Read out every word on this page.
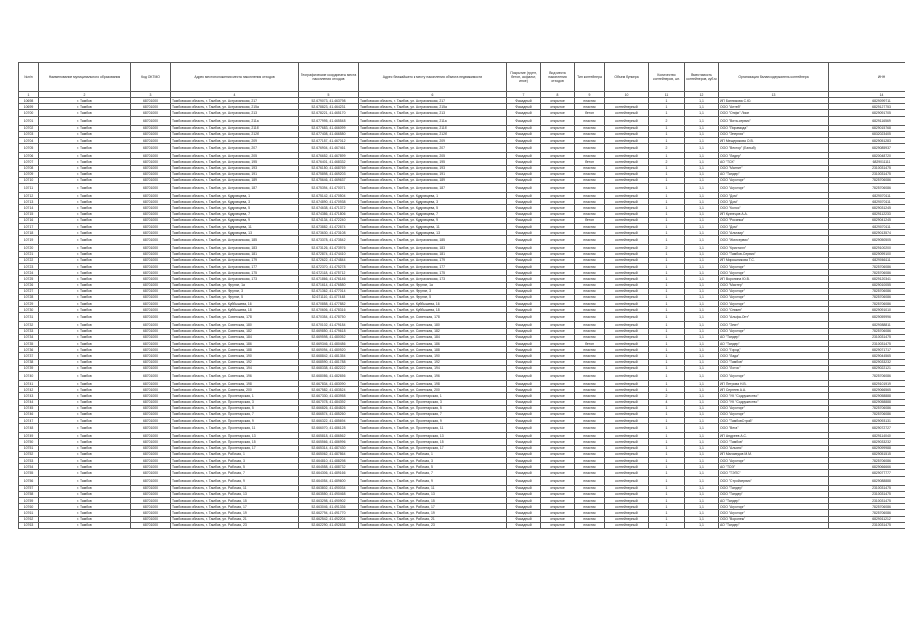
№п/п	Наименование муниципального образования	Код ОКТМО	Адрес местоположения места накопления отходов	Географические координаты места накопления отходов	Адрес ближайшего к месту накопления объекта недвижимости	Покрытие (грунт, бетон, асфальт, иное)	Вид места накопления отходов	Тип контейнера	Объем бункера	Количество контейнеров, шт.	Вместимость контейнеров, куб.м	Организация балансодержатель контейнера	ИНН
1	2	3	4	5	6	7	8	9	10	11	12	13	14
10698	г. Тамбов	68701000	Тамбовская область, г. Тамбов, ул. Астраханская, 217	52.679073, 41.463798	Тамбовская область, г. Тамбов, ул. Астраханская, 217	Фасадный	открытое	пластик		1	1,1	ИП Банникова С.Ю.	6829099711
10699	г. Тамбов	68701000	Тамбовская область, г. Тамбов, ул. Астраханская, 215а	52.678823, 41.464231	Тамбовская область, г. Тамбов, ул. Астраханская, 215а	Фасадный	открытое	пластик	контейнерный	1	1,1	ООО "Антей"	6829127753
10700	г. Тамбов	68701000	Тамбовская область, г. Тамбов, ул. Астраханская, 213	52.678221, 41.465170	Тамбовская область, г. Тамбов, ул. Астраханская, 213	Фасадный	открытое	бетон	контейнерный	1	1,1	ООО "Онфи" Лион	6829091705
10701	г. Тамбов	68701000	Тамбовская область, г. Тамбов, ул. Астраханская, 211а	52.677995, 41.465548	Тамбовская область, г. Тамбов, ул. Астраханская, 211а	Фасадный	открытое	пластик	контейнерный	2	1,1	ООО "Вита-сервис"	6829116569
10702	г. Тамбов	68701000	Тамбовская область, г. Тамбов, ул. Астраханская, 211б	52.677683, 41.466099	Тамбовская область, г. Тамбов, ул. Астраханская, 211б	Фасадный	открытое	пластик	контейнерный	1	1,1	ООО "Пирамида"	6829015768
10703	г. Тамбов	68701000	Тамбовская область, г. Тамбов, ул. Астраханская, 212б	52.677408, 41.466580	Тамбовская область, г. Тамбов, ул. Астраханская, 212б	Фасадный	открытое	пластик	контейнерный	1	1,1	ООО "Энергия"	6832023405
10704	г. Тамбов	68701000	Тамбовская область, г. Тамбов, ул. Астраханская, 209	52.677157, 41.467012	Тамбовская область, г. Тамбов, ул. Астраханская, 209	Фасадный	открытое	пластик	контейнерный	1	1,1	ИП Мещерякова О.В.	6829051283
10705	г. Тамбов	68701000	Тамбовская область, г. Тамбов, ул. Астраханская, 207	52.676904, 41.467461	Тамбовская область, г. Тамбов, ул. Астраханская, 207	Фасадный	открытое	пластик	контейнерный	2	1,1	ООО "Вектор" (Бэлый)	6829085937
10706	г. Тамбов	68701000	Тамбовская область, г. Тамбов, ул. Астраханская, 205	52.676652, 41.467899	Тамбовская область, г. Тамбов, ул. Астраханская, 205	Фасадный	открытое	пластик	контейнерный	1	1,1	ООО "Лидер"	6820048720
10707	г. Тамбов	68701000	Тамбовская область, г. Тамбов, ул. Астраханская, 195	52.676401, 41.468332	Тамбовская область, г. Тамбов, ул. Астраханская, 195	Фасадный	открытое	бетон	контейнерный	2	1,1	АО "ТСК"	6829011111
10708	г. Тамбов	68701000	Тамбовская область, г. Тамбов, ул. Астраханская, 193	52.676150, 41.468769	Тамбовская область, г. Тамбов, ул. Астраханская, 193	Фасадный	открытое	пластик	контейнерный	1	1,1	ООО "Магнит"	2310031475
10709	г. Тамбов	68701000	Тамбовская область, г. Тамбов, ул. Астраханская, 191	52.675898, 41.469203	Тамбовская область, г. Тамбов, ул. Астраханская, 191	Фасадный	открытое	пластик	контейнерный	1	1,1	АО "Тандер"	2310031475
10710	г. Тамбов	68701000	Тамбовская область, г. Тамбов, ул. Астраханская, 189	52.675646, 41.469637	Тамбовская область, г. Тамбов, ул. Астраханская, 189	Фасадный	открытое	пластик	контейнерный	1	1,1	ООО "Агроторг"	7825706086
10711	г. Тамбов	68701000	Тамбовская область, г. Тамбов, ул. Астраханская, 187	52.675394, 41.470071	Тамбовская область, г. Тамбов, ул. Астраханская, 187	Фасадный	открытое	пластик	контейнерный	1	1,1	ООО "Агроторг"	7825706086
10712	г. Тамбов	68701000	Тамбовская область, г. Тамбов, ул. Кудрявцева, 1	52.675142, 41.470504	Тамбовская область, г. Тамбов, ул. Кудрявцева, 1	Фасадный	открытое	пластик	контейнерный	1	1,1	ООО "Дом"	6829070111
10713	г. Тамбов	68701000	Тамбовская область, г. Тамбов, ул. Кудрявцева, 3	52.674890, 41.470938	Тамбовская область, г. Тамбов, ул. Кудрявцева, 3	Фасадный	открытое	пластик	контейнерный	1	1,1	ООО "Дом"	6829070111
10714	г. Тамбов	68701000	Тамбовская область, г. Тамбов, ул. Кудрявцева, 5	52.674638, 41.471372	Тамбовская область, г. Тамбов, ул. Кудрявцева, 5	Фасадный	открытое	пластик	контейнерный	1	1,1	ООО "Колос"	6829031245
10715	г. Тамбов	68701000	Тамбовская область, г. Тамбов, ул. Кудрявцева, 7	52.674386, 41.471806	Тамбовская область, г. Тамбов, ул. Кудрявцева, 7	Фасадный	открытое	пластик	контейнерный	1	1,1	ИП Кузнецов А.А.	6829112233
10716	г. Тамбов	68701000	Тамбовская область, г. Тамбов, ул. Кудрявцева, 9	52.674134, 41.472240	Тамбовская область, г. Тамбов, ул. Кудрявцева, 9	Фасадный	открытое	бетон	контейнерный	1	1,1	ООО "Росинка"	6829041245
10717	г. Тамбов	68701000	Тамбовская область, г. Тамбов, ул. Кудрявцева, 11	52.673882, 41.472674	Тамбовская область, г. Тамбов, ул. Кудрявцева, 11	Фасадный	открытое	пластик	контейнерный	1	1,1	ООО "Дом"	6829070111
10718	г. Тамбов	68701000	Тамбовская область, г. Тамбов, ул. Кудрявцева, 13	52.673630, 41.473108	Тамбовская область, г. Тамбов, ул. Кудрявцева, 13	Фасадный	открытое	пластик	контейнерный	1	1,1	ООО "Альтаир"	6829013574
10719	г. Тамбов	68701000	Тамбовская область, г. Тамбов, ул. Астраханская, 185	52.673378, 41.473542	Тамбовская область, г. Тамбов, ул. Астраханская, 185	Фасадный	открытое	пластик	контейнерный	1	1,1	ООО "Жилсервис"	6829050505
10720	г. Тамбов	68701000	Тамбовская область, г. Тамбов, ул. Астраханская, 183	52.673126, 41.473976	Тамбовская область, г. Тамбов, ул. Астраханская, 183	Фасадный	открытое	пластик	контейнерный	2	1,1	ООО "Кристалл"	6829100200
10721	г. Тамбов	68701000	Тамбовская область, г. Тамбов, ул. Астраханская, 181	52.672874, 41.474410	Тамбовская область, г. Тамбов, ул. Астраханская, 181	Фасадный	открытое	пластик	контейнерный	1	1,1	ООО "Тамбов-Сервис"	6829099100
10722	г. Тамбов	68701000	Тамбовская область, г. Тамбов, ул. Астраханская, 179	52.672622, 41.474844	Тамбовская область, г. Тамбов, ул. Астраханская, 179	Фасадный	открытое	пластик	контейнерный	1	1,1	ИП Мирошникова Т.С.	6829066111
10723	г. Тамбов	68701000	Тамбовская область, г. Тамбов, ул. Астраханская, 177	52.672370, 41.475278	Тамбовская область, г. Тамбов, ул. Астраханская, 177	Фасадный	открытое	пластик	контейнерный	1	1,1	ООО "Агроторг"	7825706086
10724	г. Тамбов	68701000	Тамбовская область, г. Тамбов, ул. Астраханская, 175	52.672118, 41.475712	Тамбовская область, г. Тамбов, ул. Астраханская, 175	Фасадный	открытое	пластик	контейнерный	1	1,1	ООО "Агроторг"	7825706086
10725	г. Тамбов	68701000	Тамбовская область, г. Тамбов, ул. Астраханская, 173	52.671866, 41.476146	Тамбовская область, г. Тамбов, ул. Астраханская, 173	Фасадный	открытое	пластик	контейнерный	1	1,1	ИП Воронина Ю.В.	6829120341
10726	г. Тамбов	68701000	Тамбовская область, г. Тамбов, ул. Фрунзе, 1а	52.671614, 41.476580	Тамбовская область, г. Тамбов, ул. Фрунзе, 1а	Фасадный	открытое	пластик	контейнерный	1	1,1	ООО "Мастер"	6829010055
10727	г. Тамбов	68701000	Тамбовская область, г. Тамбов, ул. Фрунзе, 3	52.671362, 41.477014	Тамбовская область, г. Тамбов, ул. Фрунзе, 3	Фасадный	открытое	пластик	контейнерный	1	1,1	ООО "Агроторг"	7825706086
10728	г. Тамбов	68701000	Тамбовская область, г. Тамбов, ул. Фрунзе, 5	52.671110, 41.477448	Тамбовская область, г. Тамбов, ул. Фрунзе, 5	Фасадный	открытое	пластик	контейнерный	1	1,1	ООО "Агроторг"	7825706086
10729	г. Тамбов	68701000	Тамбовская область, г. Тамбов, ул. Куйбышева, 16	52.670858, 41.477882	Тамбовская область, г. Тамбов, ул. Куйбышева, 16	Фасадный	открытое	пластик	контейнерный	1	1,1	ООО "Агроторг"	7825706086
10730	г. Тамбов	68701000	Тамбовская область, г. Тамбов, ул. Куйбышева, 18	52.670606, 41.478316	Тамбовская область, г. Тамбов, ул. Куйбышева, 18	Фасадный	открытое	пластик	контейнерный	1	1,1	ООО "Олимп"	6829091010
10731	г. Тамбов	68701000	Тамбовская область, г. Тамбов, ул. Советская, 178	52.670354, 41.478750	Тамбовская область, г. Тамбов, ул. Советская, 178	Фасадный	открытое	пластик	контейнерный	1	1,1	ООО "Альфа-Опт"	6829059996
10732	г. Тамбов	68701000	Тамбовская область, г. Тамбов, ул. Советская, 180	52.670102, 41.479184	Тамбовская область, г. Тамбов, ул. Советская, 180	Фасадный	открытое	пластик	контейнерный	1	1,1	ООО "Элит"	6829088811
10733	г. Тамбов	68701000	Тамбовская область, г. Тамбов, ул. Советская, 182	52.669850, 41.479618	Тамбовская область, г. Тамбов, ул. Советская, 182	Фасадный	открытое	пластик	контейнерный	1	1,1	ООО "Агроторг"	7825706086
10734	г. Тамбов	68701000	Тамбовская область, г. Тамбов, ул. Советская, 184	52.669598, 41.480052	Тамбовская область, г. Тамбов, ул. Советская, 184	Фасадный	открытое	пластик	контейнерный	1	1,1	АО "Тандер"	2310031475
10735	г. Тамбов	68701000	Тамбовская область, г. Тамбов, ул. Советская, 186	52.669346, 41.480486	Тамбовская область, г. Тамбов, ул. Советская, 186	Фасадный	открытое	бетон	контейнерный	1	1,1	АО "Тандер"	2310031475
10736	г. Тамбов	68701000	Тамбовская область, г. Тамбов, ул. Советская, 188	52.669094, 41.480920	Тамбовская область, г. Тамбов, ул. Советская, 188	Фасадный	открытое	пластик	контейнерный	1	1,1	ООО "Город"	6829071717
10737	г. Тамбов	68701000	Тамбовская область, г. Тамбов, ул. Советская, 190	52.668842, 41.481354	Тамбовская область, г. Тамбов, ул. Советская, 190	Фасадный	открытое	пластик	контейнерный	1	1,1	ООО "Лада"	6829044565
10738	г. Тамбов	68701000	Тамбовская область, г. Тамбов, ул. Советская, 192	52.668590, 41.481788	Тамбовская область, г. Тамбов, ул. Советская, 192	Фасадный	открытое	пластик	контейнерный	1	1,1	ООО "Тамбов"	6829033232
10739	г. Тамбов	68701000	Тамбовская область, г. Тамбов, ул. Советская, 194	52.668338, 41.482222	Тамбовская область, г. Тамбов, ул. Советская, 194	Фасадный	открытое	пластик	контейнерный	1	1,1	ООО "Лотос"	6829022121
10740	г. Тамбов	68701000	Тамбовская область, г. Тамбов, ул. Советская, 196	52.668086, 41.482656	Тамбовская область, г. Тамбов, ул. Советская, 196	Фасадный	открытое	пластик	контейнерный	1	1,1	ООО "Агроторг"	7825706086
10741	г. Тамбов	68701000	Тамбовская область, г. Тамбов, ул. Советская, 198	52.667834, 41.483090	Тамбовская область, г. Тамбов, ул. Советская, 198	Фасадный	открытое	пластик	контейнерный	1	1,1	ИП Петрова Н.В.	6829101919
10742	г. Тамбов	68701000	Тамбовская область, г. Тамбов, ул. Советская, 200	52.667582, 41.483524	Тамбовская область, г. Тамбов, ул. Советская, 200	Фасадный	открытое	пластик	контейнерный	1	1,1	ИП Сергеев А.А.	6829066565
10743	г. Тамбов	68701000	Тамбовская область, г. Тамбов, ул. Пролетарская, 1	52.667330, 41.483958	Тамбовская область, г. Тамбов, ул. Пролетарская, 1	Фасадный	открытое	пластик	контейнерный	2	1,1	ООО "УК "Содружество"	6829058888
10744	г. Тамбов	68701000	Тамбовская область, г. Тамбов, ул. Пролетарская, 3	52.667078, 41.484392	Тамбовская область, г. Тамбов, ул. Пролетарская, 3	Фасадный	открытое	пластик	контейнерный	4	1,1	ООО "УК "Содружество"	6829058888
10745	г. Тамбов	68701000	Тамбовская область, г. Тамбов, ул. Пролетарская, 5	52.666826, 41.484826	Тамбовская область, г. Тамбов, ул. Пролетарская, 5	Фасадный	открытое	пластик	контейнерный	1	1,1	ООО "Агроторг"	7825706086
10746	г. Тамбов	68701000	Тамбовская область, г. Тамбов, ул. Пролетарская, 7	52.666574, 41.485260	Тамбовская область, г. Тамбов, ул. Пролетарская, 7	Фасадный	открытое	пластик	контейнерный	1	1,1	ООО "Агроторг"	7825706086
10747	г. Тамбов	68701000	Тамбовская область, г. Тамбов, ул. Пролетарская, 9	52.666322, 41.485694	Тамбовская область, г. Тамбов, ул. Пролетарская, 9	Фасадный	открытое	пластик	контейнерный	1	1,1	ООО "ТамбовСтрой"	6829093131
10748	г. Тамбов	68701000	Тамбовская область, г. Тамбов, ул. Пролетарская, 11	52.666070, 41.486128	Тамбовская область, г. Тамбов, ул. Пролетарская, 11	Фасадный	открытое	пластик	контейнерный	1	1,1	ООО "Вега"	6829072727
10749	г. Тамбов	68701000	Тамбовская область, г. Тамбов, ул. Пролетарская, 13	52.665818, 41.486562	Тамбовская область, г. Тамбов, ул. Пролетарская, 13	Фасадный	открытое	пластик	контейнерный	1	1,1	ИП Андреев А.С.	6829114040
10750	г. Тамбов	68701000	Тамбовская область, г. Тамбов, ул. Пролетарская, 15	52.665566, 41.486996	Тамбовская область, г. Тамбов, ул. Пролетарская, 15	Фасадный	открытое	пластик	контейнерный	1	1,1	ООО "Тамбов"	6829033232
10751	г. Тамбов	68701000	Тамбовская область, г. Тамбов, ул. Пролетарская, 17	52.665314, 41.487430	Тамбовская область, г. Тамбов, ул. Пролетарская, 17	Фасадный	открытое	пластик	контейнерный	1	1,1	ООО "Альянс"	6829099988
10752	г. Тамбов	68701000	Тамбовская область, г. Тамбов, ул. Рабочая, 1	52.665062, 41.487864	Тамбовская область, г. Тамбов, ул. Рабочая, 1	Фасадный	открытое	пластик	контейнерный	1	1,1	ИП Магомедов М.М.	6829051515
10753	г. Тамбов	68701000	Тамбовская область, г. Тамбов, ул. Рабочая, 3	52.664810, 41.488298	Тамбовская область, г. Тамбов, ул. Рабочая, 3	Фасадный	открытое	пластик	контейнерный	1	1,1	ООО "Агроторг"	7825706086
10754	г. Тамбов	68701000	Тамбовская область, г. Тамбов, ул. Рабочая, 5	52.664558, 41.488732	Тамбовская область, г. Тамбов, ул. Рабочая, 5	Фасадный	открытое	пластик	контейнерный	1	1,1	АО "ТОЭ"	6829066666
10755	г. Тамбов	68701000	Тамбовская область, г. Тамбов, ул. Рабочая, 7	52.664306, 41.489166	Тамбовская область, г. Тамбов, ул. Рабочая, 7	Фасадный	открытое	пластик	контейнерный	1	1,1	ООО "ТЭПС"	6829077777
10756	г. Тамбов	68701000	Тамбовская область, г. Тамбов, ул. Рабочая, 9	52.664054, 41.489600	Тамбовская область, г. Тамбов, ул. Рабочая, 9	Фасадный	открытое	пластик	контейнерный	1	1,1	ООО "Стройсервис"	6829088888
10757	г. Тамбов	68701000	Тамбовская область, г. Тамбов, ул. Рабочая, 11	52.663802, 41.490034	Тамбовская область, г. Тамбов, ул. Рабочая, 11	Фасадный	открытое	пластик	контейнерный	1	1,1	ООО "Тандер"	2310031475
10758	г. Тамбов	68701000	Тамбовская область, г. Тамбов, ул. Рабочая, 13	52.663550, 41.490468	Тамбовская область, г. Тамбов, ул. Рабочая, 13	Фасадный	открытое	пластик	контейнерный	1	1,1	ООО "Тандер"	2310031475
10759	г. Тамбов	68701000	Тамбовская область, г. Тамбов, ул. Рабочая, 15	52.663298, 41.490902	Тамбовская область, г. Тамбов, ул. Рабочая, 15	Фасадный	открытое	пластик	контейнерный	1	1,1	АО "Тандер"	2310031475
10760	г. Тамбов	68701000	Тамбовская область, г. Тамбов, ул. Рабочая, 17	52.663046, 41.491336	Тамбовская область, г. Тамбов, ул. Рабочая, 17	Фасадный	открытое	пластик	контейнерный	1	1,1	ООО "Агроторг"	7825706086
10761	г. Тамбов	68701000	Тамбовская область, г. Тамбов, ул. Рабочая, 19	52.662794, 41.491770	Тамбовская область, г. Тамбов, ул. Рабочая, 19	Фасадный	открытое	пластик	контейнерный	1	1,1	ООО "Агроторг"	7825706086
10762	г. Тамбов	68701000	Тамбовская область, г. Тамбов, ул. Рабочая, 21	52.662542, 41.492204	Тамбовская область, г. Тамбов, ул. Рабочая, 21	Фасадный	открытое	пластик	контейнерный	1	1,1	ООО "Воронеж"	6829011212
10763	г. Тамбов	68701000	Тамбовская область, г. Тамбов, ул. Рабочая, 23	52.662290, 41.492638	Тамбовская область, г. Тамбов, ул. Рабочая, 23	Фасадный	открытое	пластик	контейнерный	1	1,1	АО "Тандер"	2310031475
